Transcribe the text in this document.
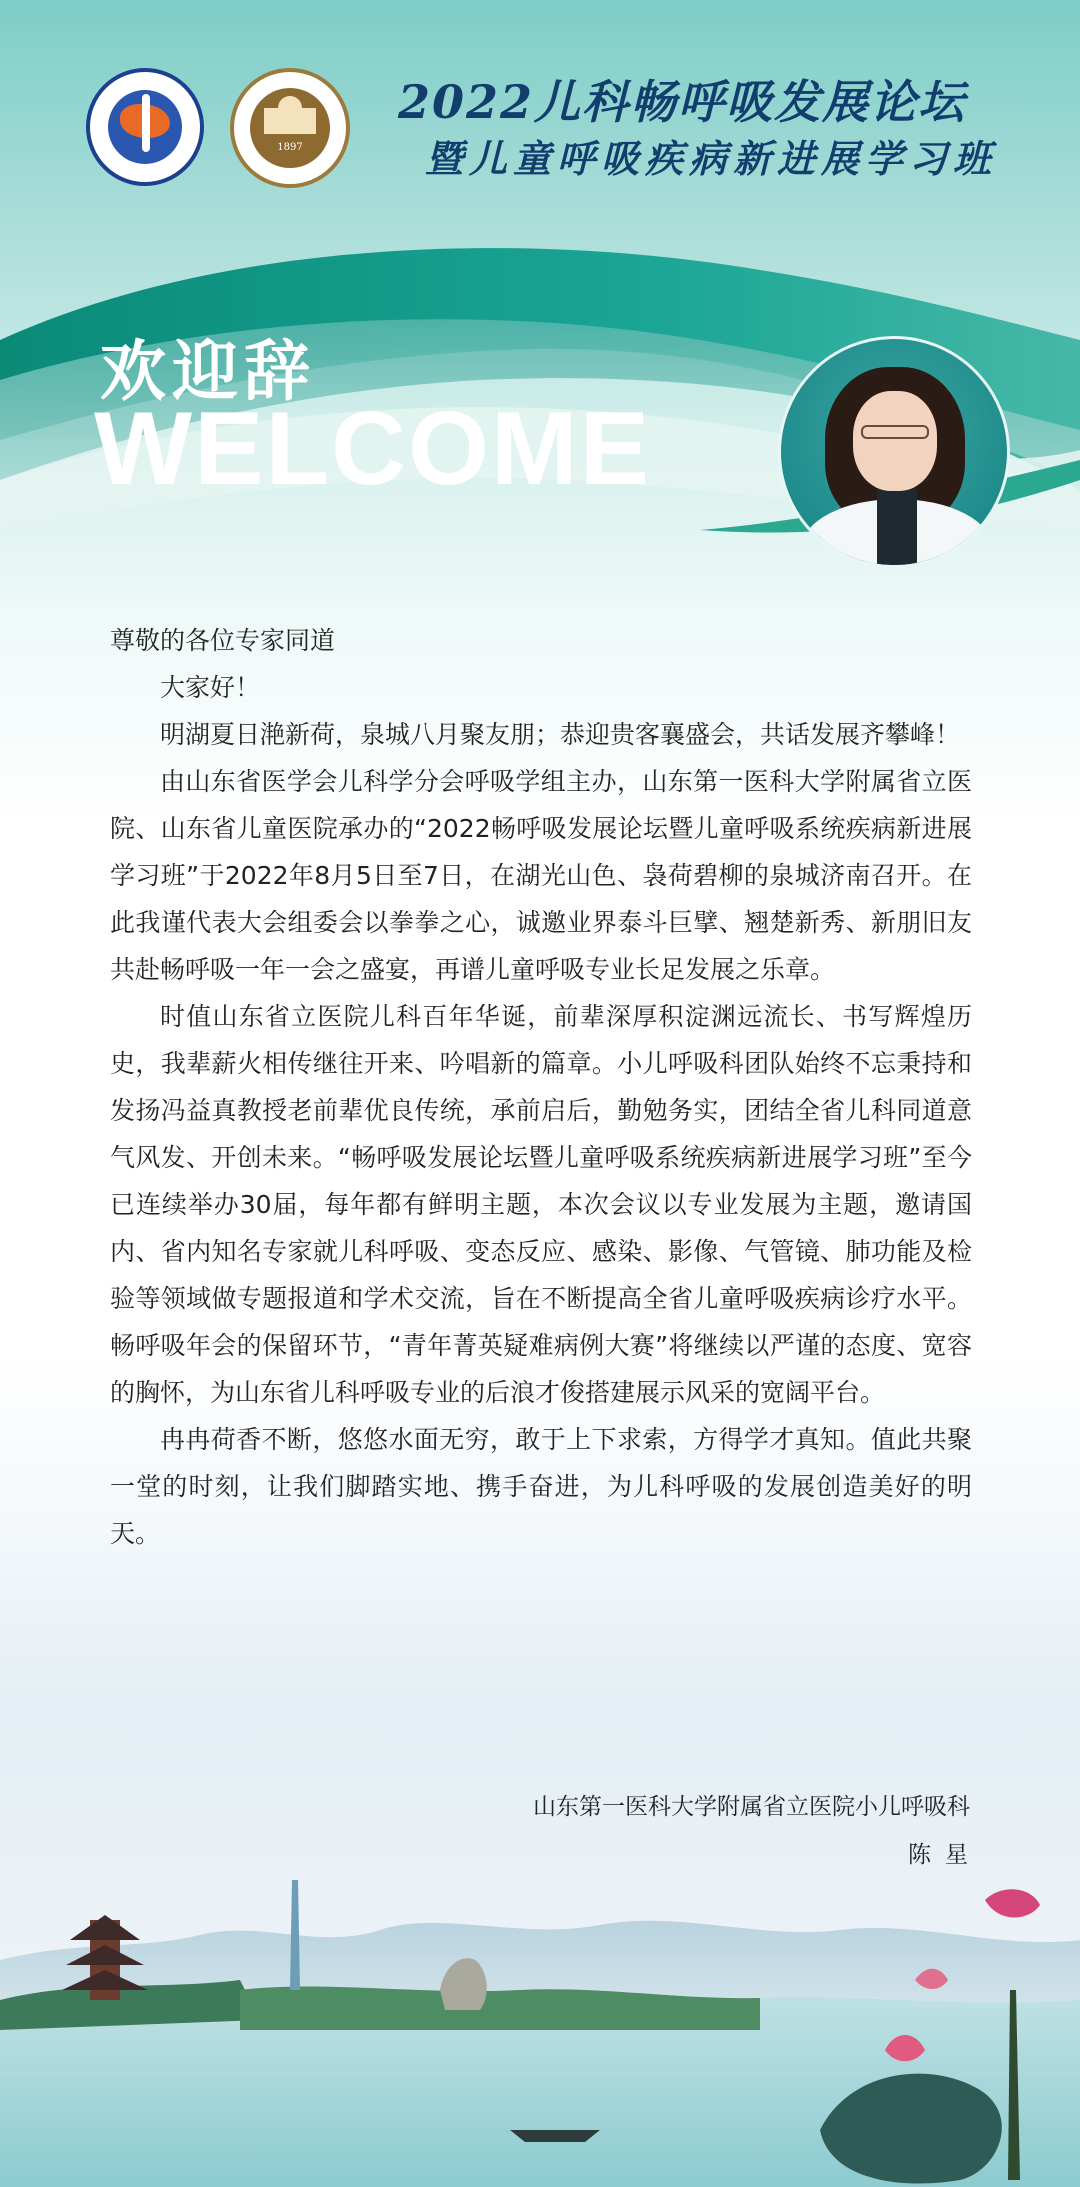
1897
2022儿科畅呼吸发展论坛
暨儿童呼吸疾病新进展学习班
欢迎辞
WELCOME

尊敬的各位专家同道

大家好！

明湖夏日滟新荷，泉城八月聚友朋；恭迎贵客襄盛会，共话发展齐攀峰！

由山东省医学会儿科学分会呼吸学组主办，山东第一医科大学附属省立医院、山东省儿童医院承办的“2022畅呼吸发展论坛暨儿童呼吸系统疾病新进展学习班”于2022年8月5日至7日，在湖光山色、袅荷碧柳的泉城济南召开。在此我谨代表大会组委会以拳拳之心，诚邀业界泰斗巨擘、翘楚新秀、新朋旧友共赴畅呼吸一年一会之盛宴，再谱儿童呼吸专业长足发展之乐章。

时值山东省立医院儿科百年华诞，前辈深厚积淀渊远流长、书写辉煌历史，我辈薪火相传继往开来、吟唱新的篇章。小儿呼吸科团队始终不忘秉持和发扬冯益真教授老前辈优良传统，承前启后，勤勉务实，团结全省儿科同道意气风发、开创未来。“畅呼吸发展论坛暨儿童呼吸系统疾病新进展学习班”至今已连续举办30届，每年都有鲜明主题，本次会议以专业发展为主题，邀请国内、省内知名专家就儿科呼吸、变态反应、感染、影像、气管镜、肺功能及检验等领域做专题报道和学术交流，旨在不断提高全省儿童呼吸疾病诊疗水平。畅呼吸年会的保留环节，“青年菁英疑难病例大赛”将继续以严谨的态度、宽容的胸怀，为山东省儿科呼吸专业的后浪才俊搭建展示风采的宽阔平台。

冉冉荷香不断，悠悠水面无穷，敢于上下求索，方得学才真知。值此共聚一堂的时刻，让我们脚踏实地、携手奋进，为儿科呼吸的发展创造美好的明天。

山东第一医科大学附属省立医院小儿呼吸科
陈星
